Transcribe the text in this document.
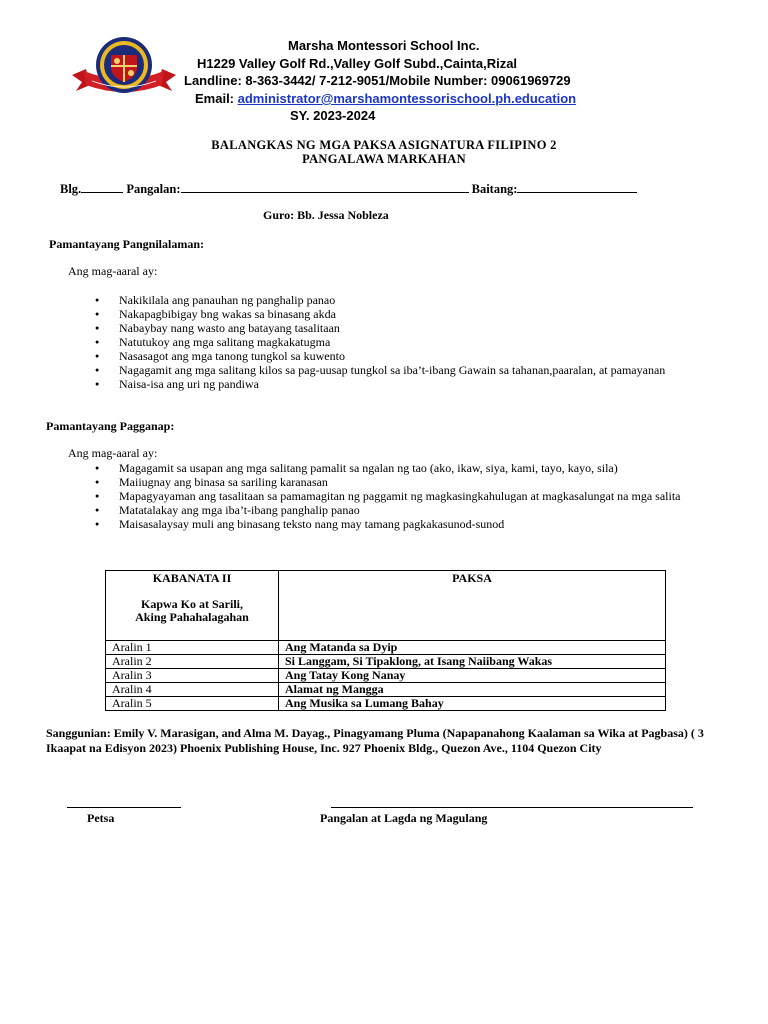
Marsha Montessori School Inc.
H1229 Valley Golf Rd.,Valley Golf Subd.,Cainta,Rizal
Landline: 8-363-3442/ 7-212-9051/Mobile Number: 09061969729
Email: administrator@marshamontessorischool.ph.education
SY. 2023-2024
BALANGKAS NG MGA PAKSA ASIGNATURA FILIPINO 2
PANGALAWA MARKAHAN
Blg.	Pangalan:	Baitang:
Guro: Bb. Jessa Nobleza
Pamantayang Pangnilalaman:
Ang mag-aaral ay:
● Nakikilala ang panauhan ng panghalip panao
● Nakapagbibigay bng wakas sa binasang akda
● Nabaybay nang wasto ang batayang tasalitaan
● Natutukoy ang mga salitang magkakatugma
● Nasasagot ang mga tanong tungkol sa kuwento
● Nagagamit ang mga salitang kilos sa pag-uusap tungkol sa iba’t-ibang Gawain sa tahanan,paaralan, at pamayanan
● Naisa-isa ang uri ng pandiwa
Pamantayang Pagganap:
Ang mag-aaral ay:
● Magagamit sa usapan ang mga salitang pamalit sa ngalan ng tao (ako, ikaw, siya, kami, tayo, kayo, sila)
● Maiiugnay ang binasa sa sariling karanasan
● Mapagyayaman ang tasalitaan sa pamamagitan ng paggamit ng magkasingkahulugan at magkasalungat na mga salita
● Matatalakay ang mga iba’t-ibang panghalip panao
● Maisasalaysay muli ang binasang teksto nang may tamang pagkakasunod-sunod
KABANATA II
Kapwa Ko at Sarili,
Aking Pahahalagahan	PAKSA
Aralin 1	Ang Matanda sa Dyip
Aralin 2	Si Langgam, Si Tipaklong, at Isang Naiibang Wakas
Aralin 3	Ang Tatay Kong Nanay
Aralin 4	Alamat ng Mangga
Aralin 5	Ang Musika sa Lumang Bahay
Sanggunian: Emily V. Marasigan, and Alma M. Dayag., Pinagyamang Pluma (Napapanahong Kaalaman sa Wika at Pagbasa) ( 3 Ikaapat na Edisyon 2023) Phoenix Publishing House, Inc. 927 Phoenix Bldg., Quezon Ave., 1104 Quezon City
Petsa	Pangalan at Lagda ng Magulang
